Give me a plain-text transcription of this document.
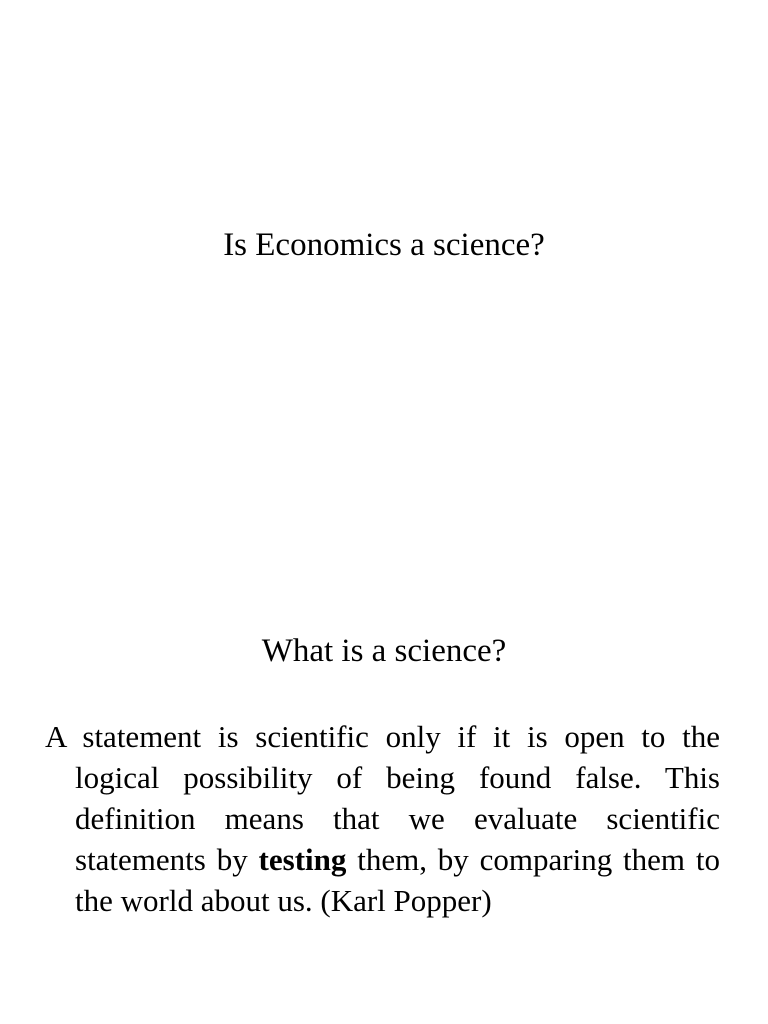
Is Economics a science?
What is a science?

A statement is scientific only if it is open to the logical possibility of being found false. This definition means that we evaluate scientific statements by testing them, by comparing them to the world about us. (Karl Popper)
